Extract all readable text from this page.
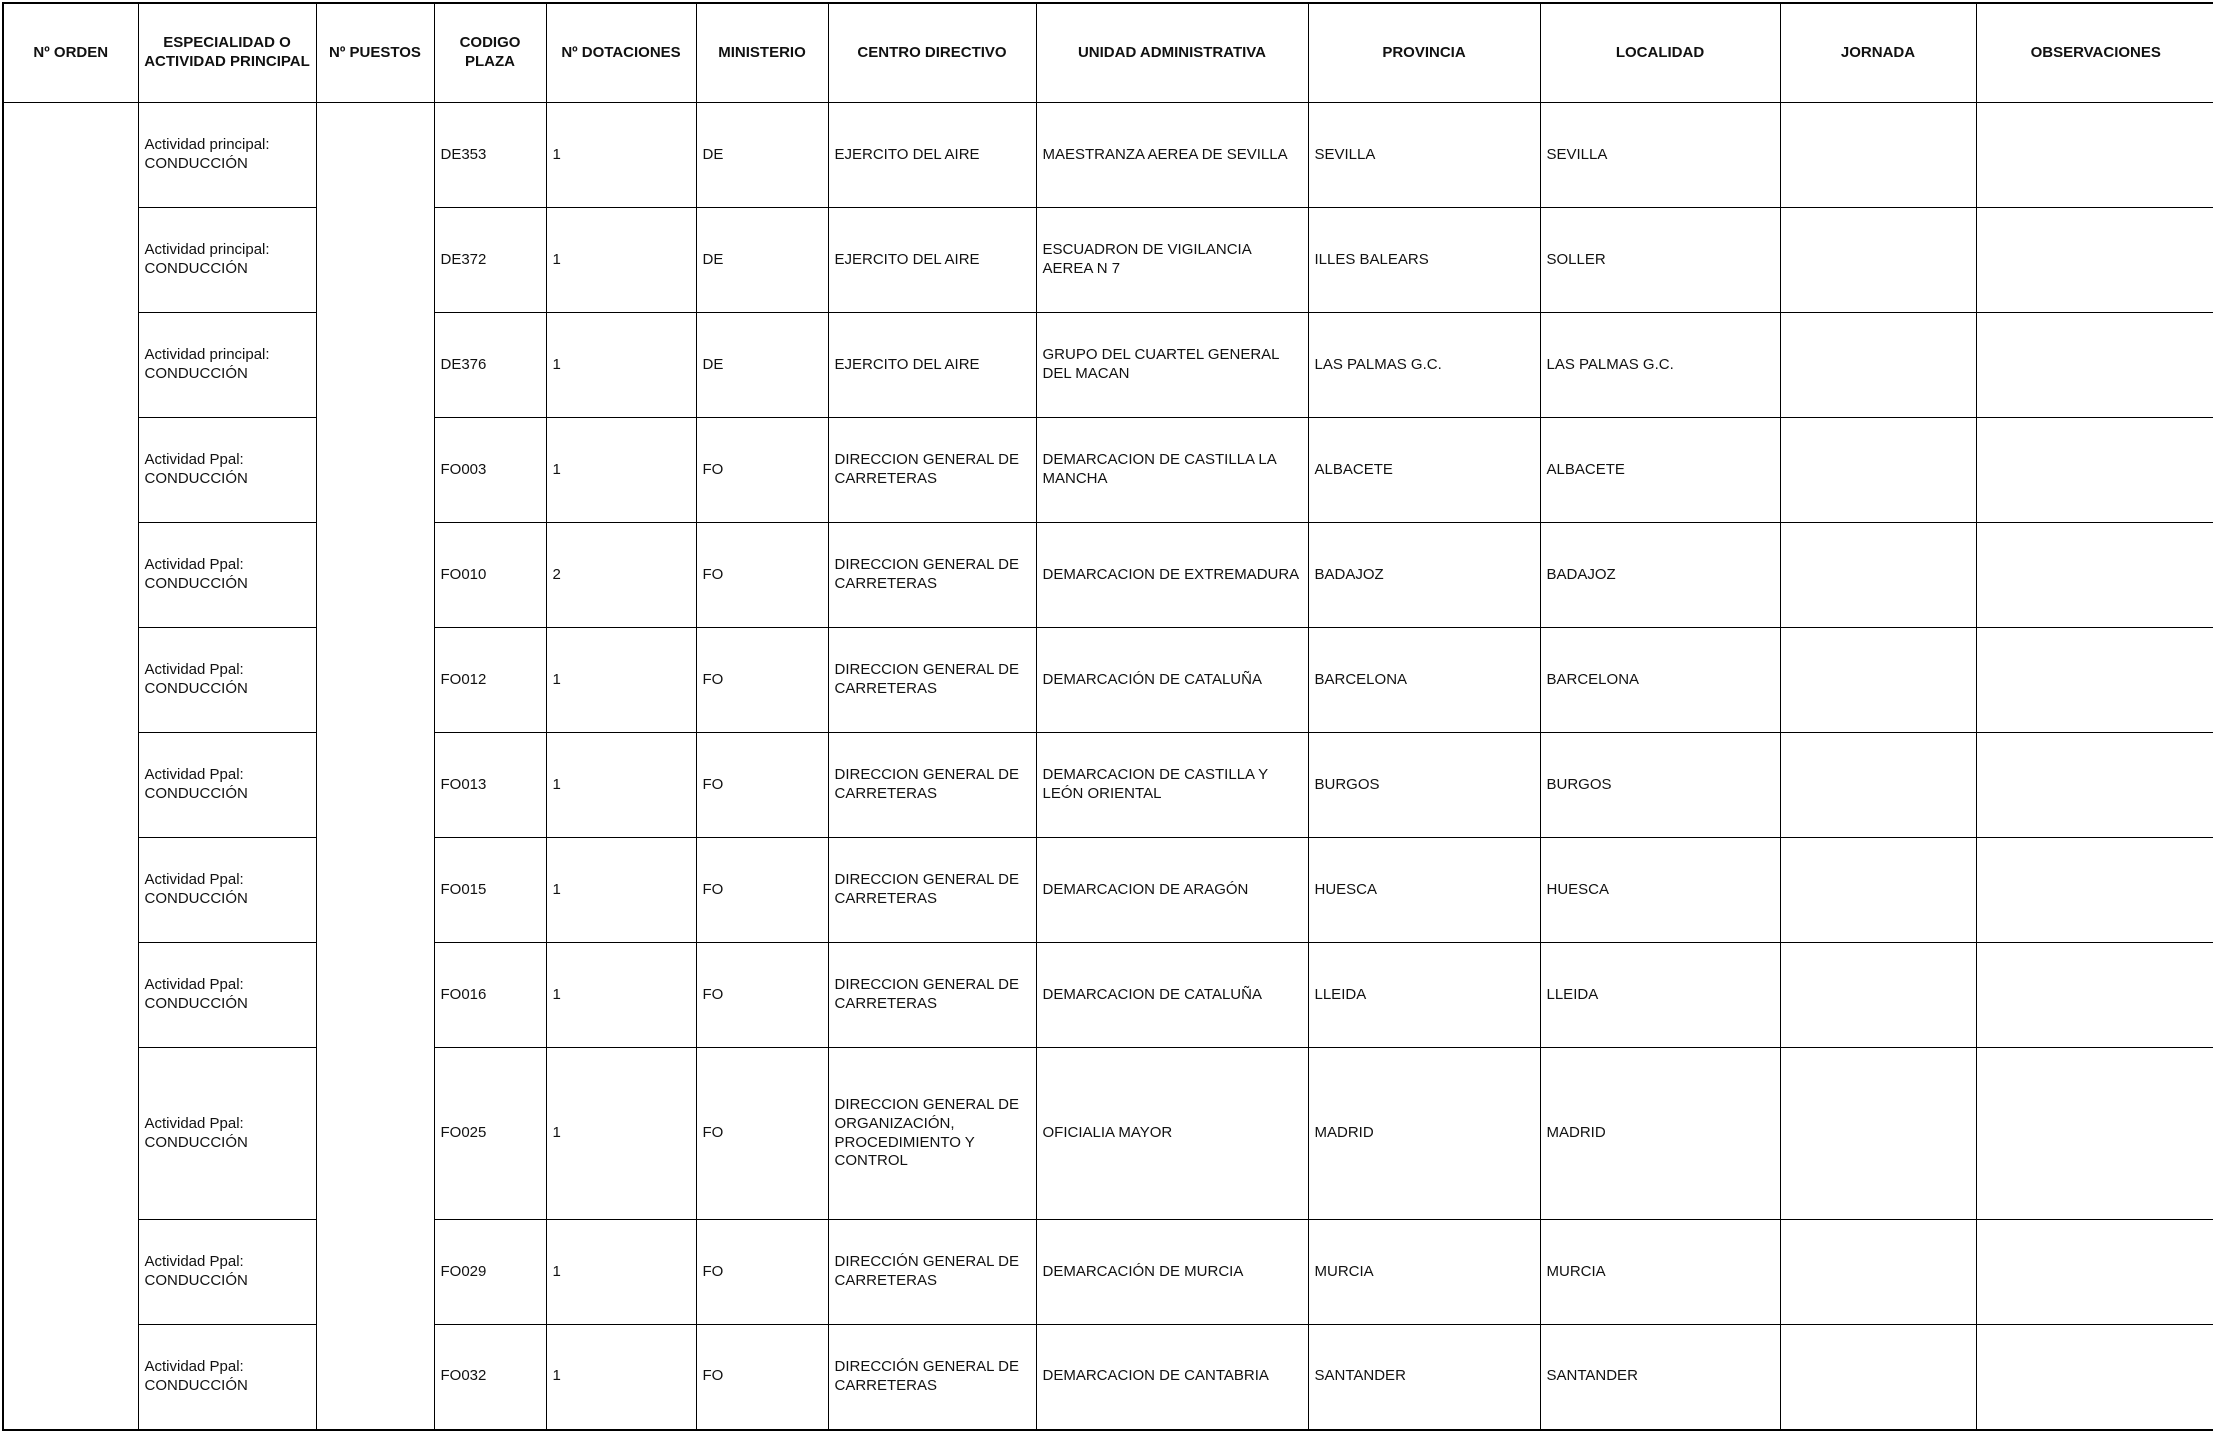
Nº ORDEN	ESPECIALIDAD O ACTIVIDAD PRINCIPAL	Nº PUESTOS	CODIGO PLAZA	Nº DOTACIONES	MINISTERIO	CENTRO DIRECTIVO	UNIDAD ADMINISTRATIVA	PROVINCIA	LOCALIDAD	JORNADA	OBSERVACIONES

	Actividad principal:
CONDUCCIÓN		DE353	1	DE	EJERCITO DEL AIRE	MAESTRANZA AEREA DE SEVILLA	SEVILLA	SEVILLA		

	Actividad principal:
CONDUCCIÓN		DE372	1	DE	EJERCITO DEL AIRE	ESCUADRON DE VIGILANCIA AEREA N 7	ILLES BALEARS	SOLLER		

	Actividad principal:
CONDUCCIÓN		DE376	1	DE	EJERCITO DEL AIRE	GRUPO DEL CUARTEL GENERAL DEL MACAN	LAS PALMAS G.C.	LAS PALMAS G.C.		

	Actividad Ppal:
CONDUCCIÓN		FO003	1	FO	DIRECCION GENERAL DE CARRETERAS	DEMARCACION DE CASTILLA LA MANCHA	ALBACETE	ALBACETE		

	Actividad Ppal:
CONDUCCIÓN		FO010	2	FO	DIRECCION GENERAL DE CARRETERAS	DEMARCACION DE EXTREMADURA	BADAJOZ	BADAJOZ		

	Actividad Ppal:
CONDUCCIÓN		FO012	1	FO	DIRECCION GENERAL DE CARRETERAS	DEMARCACIÓN DE CATALUÑA	BARCELONA	BARCELONA		

	Actividad Ppal:
CONDUCCIÓN		FO013	1	FO	DIRECCION GENERAL DE CARRETERAS	DEMARCACION DE CASTILLA Y LEÓN ORIENTAL	BURGOS	BURGOS		

	Actividad Ppal:
CONDUCCIÓN		FO015	1	FO	DIRECCION GENERAL DE CARRETERAS	DEMARCACION DE ARAGÓN	HUESCA	HUESCA		

	Actividad Ppal:
CONDUCCIÓN		FO016	1	FO	DIRECCION GENERAL DE CARRETERAS	DEMARCACION DE CATALUÑA	LLEIDA	LLEIDA		

	Actividad Ppal:
CONDUCCIÓN		FO025	1	FO	DIRECCION GENERAL DE ORGANIZACIÓN, PROCEDIMIENTO Y CONTROL	OFICIALIA MAYOR	MADRID	MADRID		

	Actividad Ppal:
CONDUCCIÓN		FO029	1	FO	DIRECCIÓN GENERAL DE CARRETERAS	DEMARCACIÓN DE MURCIA	MURCIA	MURCIA		

	Actividad Ppal:
CONDUCCIÓN		FO032	1	FO	DIRECCIÓN GENERAL DE CARRETERAS	DEMARCACION DE CANTABRIA	SANTANDER	SANTANDER		
